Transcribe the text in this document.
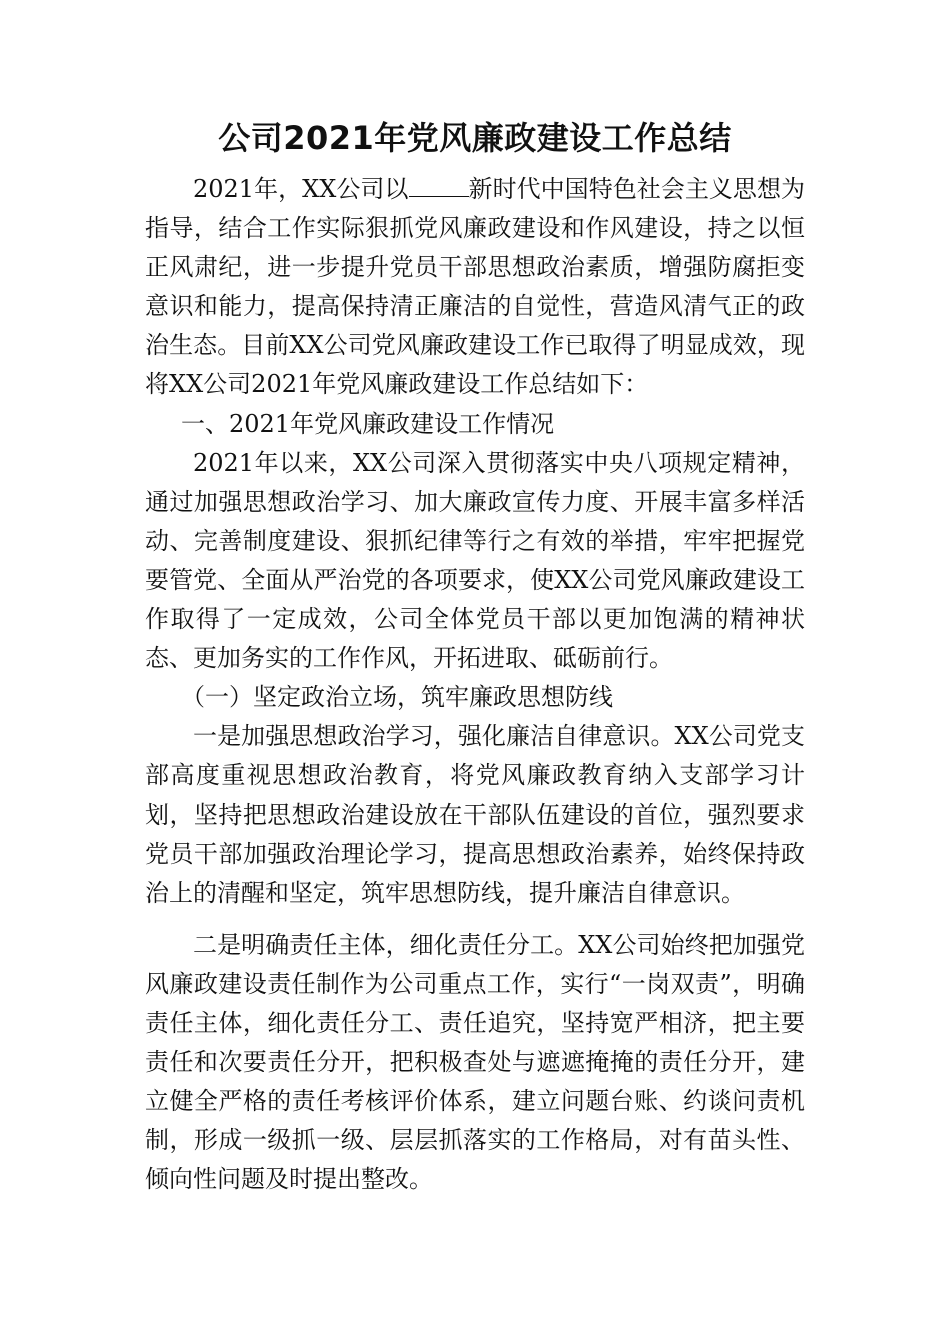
公司2021年党风廉政建设工作总结

2021年，XX公司以	新时代中国特色社会主义思想为指导，结合工作实际狠抓党风廉政建设和作风建设，持之以恒正风肃纪，进一步提升党员干部思想政治素质，增强防腐拒变意识和能力，提高保持清正廉洁的自觉性，营造风清气正的政治生态。目前XX公司党风廉政建设工作已取得了明显成效，现将XX公司2021年党风廉政建设工作总结如下：

一、2021年党风廉政建设工作情况

2021年以来，XX公司深入贯彻落实中央八项规定精神，通过加强思想政治学习、加大廉政宣传力度、开展丰富多样活动、完善制度建设、狠抓纪律等行之有效的举措，牢牢把握党要管党、全面从严治党的各项要求，使XX公司党风廉政建设工作取得了一定成效，公司全体党员干部以更加饱满的精神状态、更加务实的工作作风，开拓进取、砥砺前行。

（一）坚定政治立场，筑牢廉政思想防线

一是加强思想政治学习，强化廉洁自律意识。XX公司党支部高度重视思想政治教育，将党风廉政教育纳入支部学习计划，坚持把思想政治建设放在干部队伍建设的首位，强烈要求党员干部加强政治理论学习，提高思想政治素养，始终保持政治上的清醒和坚定，筑牢思想防线，提升廉洁自律意识。

二是明确责任主体，细化责任分工。XX公司始终把加强党风廉政建设责任制作为公司重点工作，实行“一岗双责”，明确责任主体，细化责任分工、责任追究，坚持宽严相济，把主要责任和次要责任分开，把积极查处与遮遮掩掩的责任分开，建立健全严格的责任考核评价体系，建立问题台账、约谈问责机制，形成一级抓一级、层层抓落实的工作格局，对有苗头性、倾向性问题及时提出整改。
